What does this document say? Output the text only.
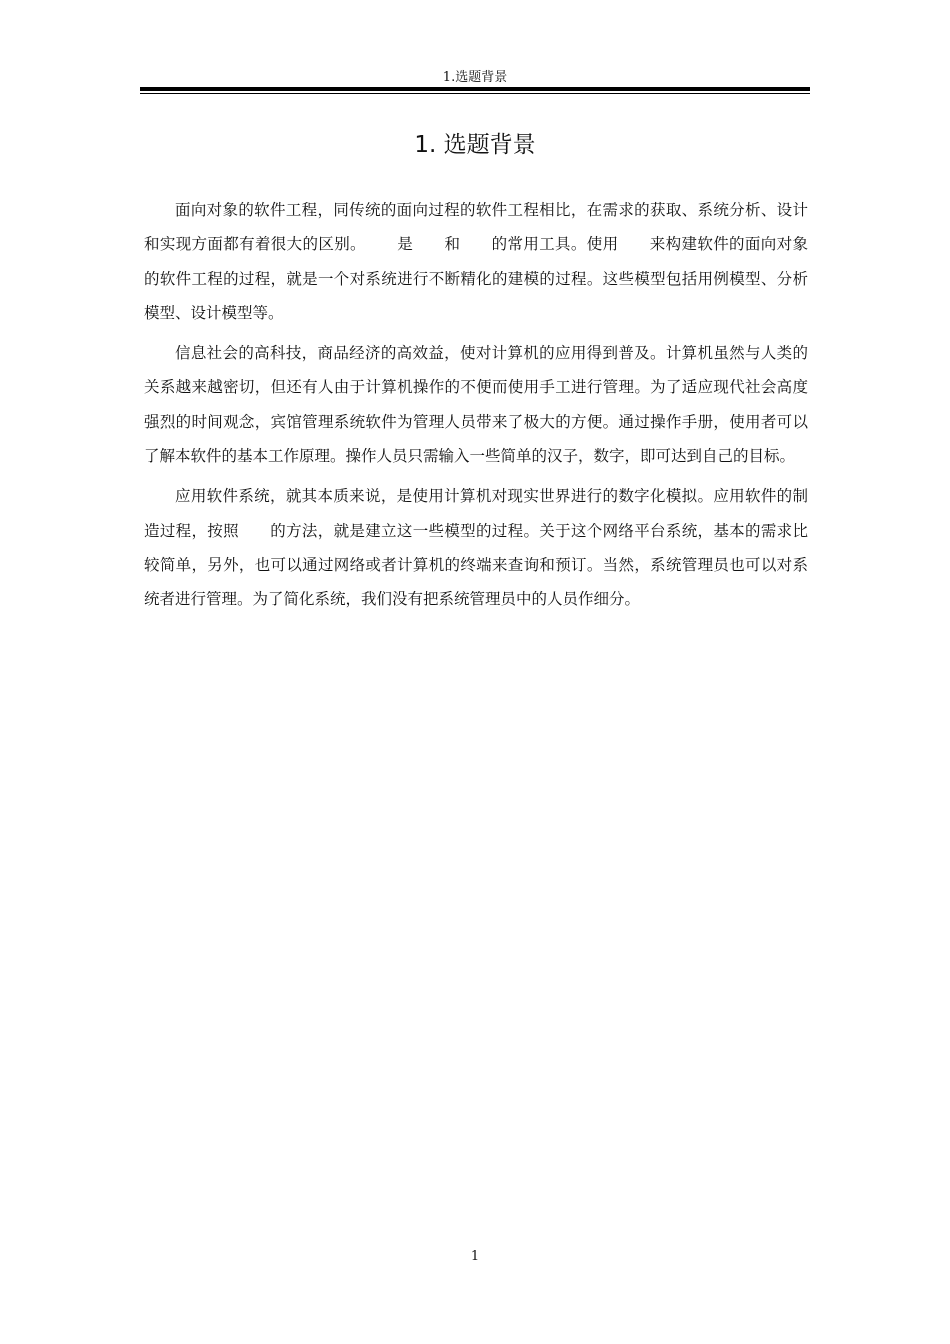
1.选题背景
1. 选题背景

面向对象的软件工程，同传统的面向过程的软件工程相比，在需求的获取、系统分析、设计和实现方面都有着很大的区别。 是 和 的常用工具。使用 来构建软件的面向对象的软件工程的过程，就是一个对系统进行不断精化的建模的过程。这些模型包括用例模型、分析模型、设计模型等。

信息社会的高科技，商品经济的高效益，使对计算机的应用得到普及。计算机虽然与人类的关系越来越密切，但还有人由于计算机操作的不便而使用手工进行管理。为了适应现代社会高度强烈的时间观念，宾馆管理系统软件为管理人员带来了极大的方便。通过操作手册，使用者可以了解本软件的基本工作原理。操作人员只需输入一些简单的汉子，数字，即可达到自己的目标。

应用软件系统，就其本质来说，是使用计算机对现实世界进行的数字化模拟。应用软件的制造过程，按照 的方法，就是建立这一些模型的过程。关于这个网络平台系统，基本的需求比较简单，另外，也可以通过网络或者计算机的终端来查询和预订。当然，系统管理员也可以对系统者进行管理。为了简化系统，我们没有把系统管理员中的人员作细分。

1
